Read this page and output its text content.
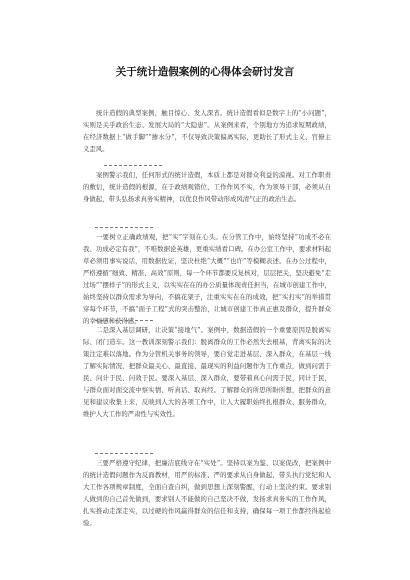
关于统计造假案例的心得体会研讨发言

统计造假的典型案例，触目惊心、发人深省。统计造假看似是数字上的“小问题”，实则是关乎政治生态、发展大局的“大隐患”。从案例来看，个别地方为追求短期政绩，在经济数据上“做手脚”“掺水分”，不仅导致决策偏离实际，更助长了形式主义、官僚主义歪风。

案例警示我们，任何形式的统计造假，本质上都是对群众利益的漠视。对工作职责的敷衍，统计造假的根源，在于政绩观错位、工作作风不实，作为领导干部，必须从自身做起，带头弘扬求真务实精神，以优良作风带动形成风清气正的政治生态。

一要树立正确政绩观，把“实”字刻在心头。在分管工作中，始终坚持“功成不必在我、功成必定有我”，不唯数据论英雄，更重实绩看口碑。在办公室工作中，要求材料起草必须用事实说话，用数据佐证，坚决杜绝“大概”“也许”等模糊表述。在办公过程中，严格遵循“细致、精准、高效”原则，每一个环节都要反复核对，层层把关，坚决避免“走过场”“摆样子”的形式主义，以实实在在的办公质量体现责任担当，在城市创建工作中，始终坚持以群众需求为导向，不搞花架子，注重实实在在的成效，把“实打实”的举措贯穿每个环节，不搞“面子工程”式的突击整治，让城市创建工作真正惠及群众，提升群众的幸福感和获得感。

二是深入基层调研，让决策“接地气”。案例中，数据造假的一个重要原因是脱离实际、闭门造车。这一教训深刻警示我们：脱离群众的工作必然失去根基，背离实际的决策注定难以落地。作为分管机关事务的领导，要自觉走进基层、深入群众，在基层一线了解实际情况，把群众最关心、最直接、最现实的利益问题作为工作重点，做到问需于民、问计于民、问效于民。要深入基层、深入群众，要带着真心问需于民，同计于民，与群众面对面交流中察实情、听真话、取真经。了解群众的所思所盼所想，把群众的意见和建议收集上来，反映到人大的各项工作中，让人大履职始终扎根群众、服务群众，维护人大工作的严肃性与实效性。

三要严格遵守纪律，把廉洁底线守在“实处”。坚持以案为鉴、以案促改，把案例中的统计造假问题作为反面教材，用严的标准、严的要求从自身做起，带头执行党纪和人大工作各项规章制度，全面自查自纠，做到思想上深刻警醒，行动上坚决约束。要求别人做到的自己首先做到，要求别人不能做的自己坚决不做，发扬求真务实的工作作风，扎实推动走深走实，以过硬的作风赢得群众的信任和支持，确保每一项工作都经得起检验。
